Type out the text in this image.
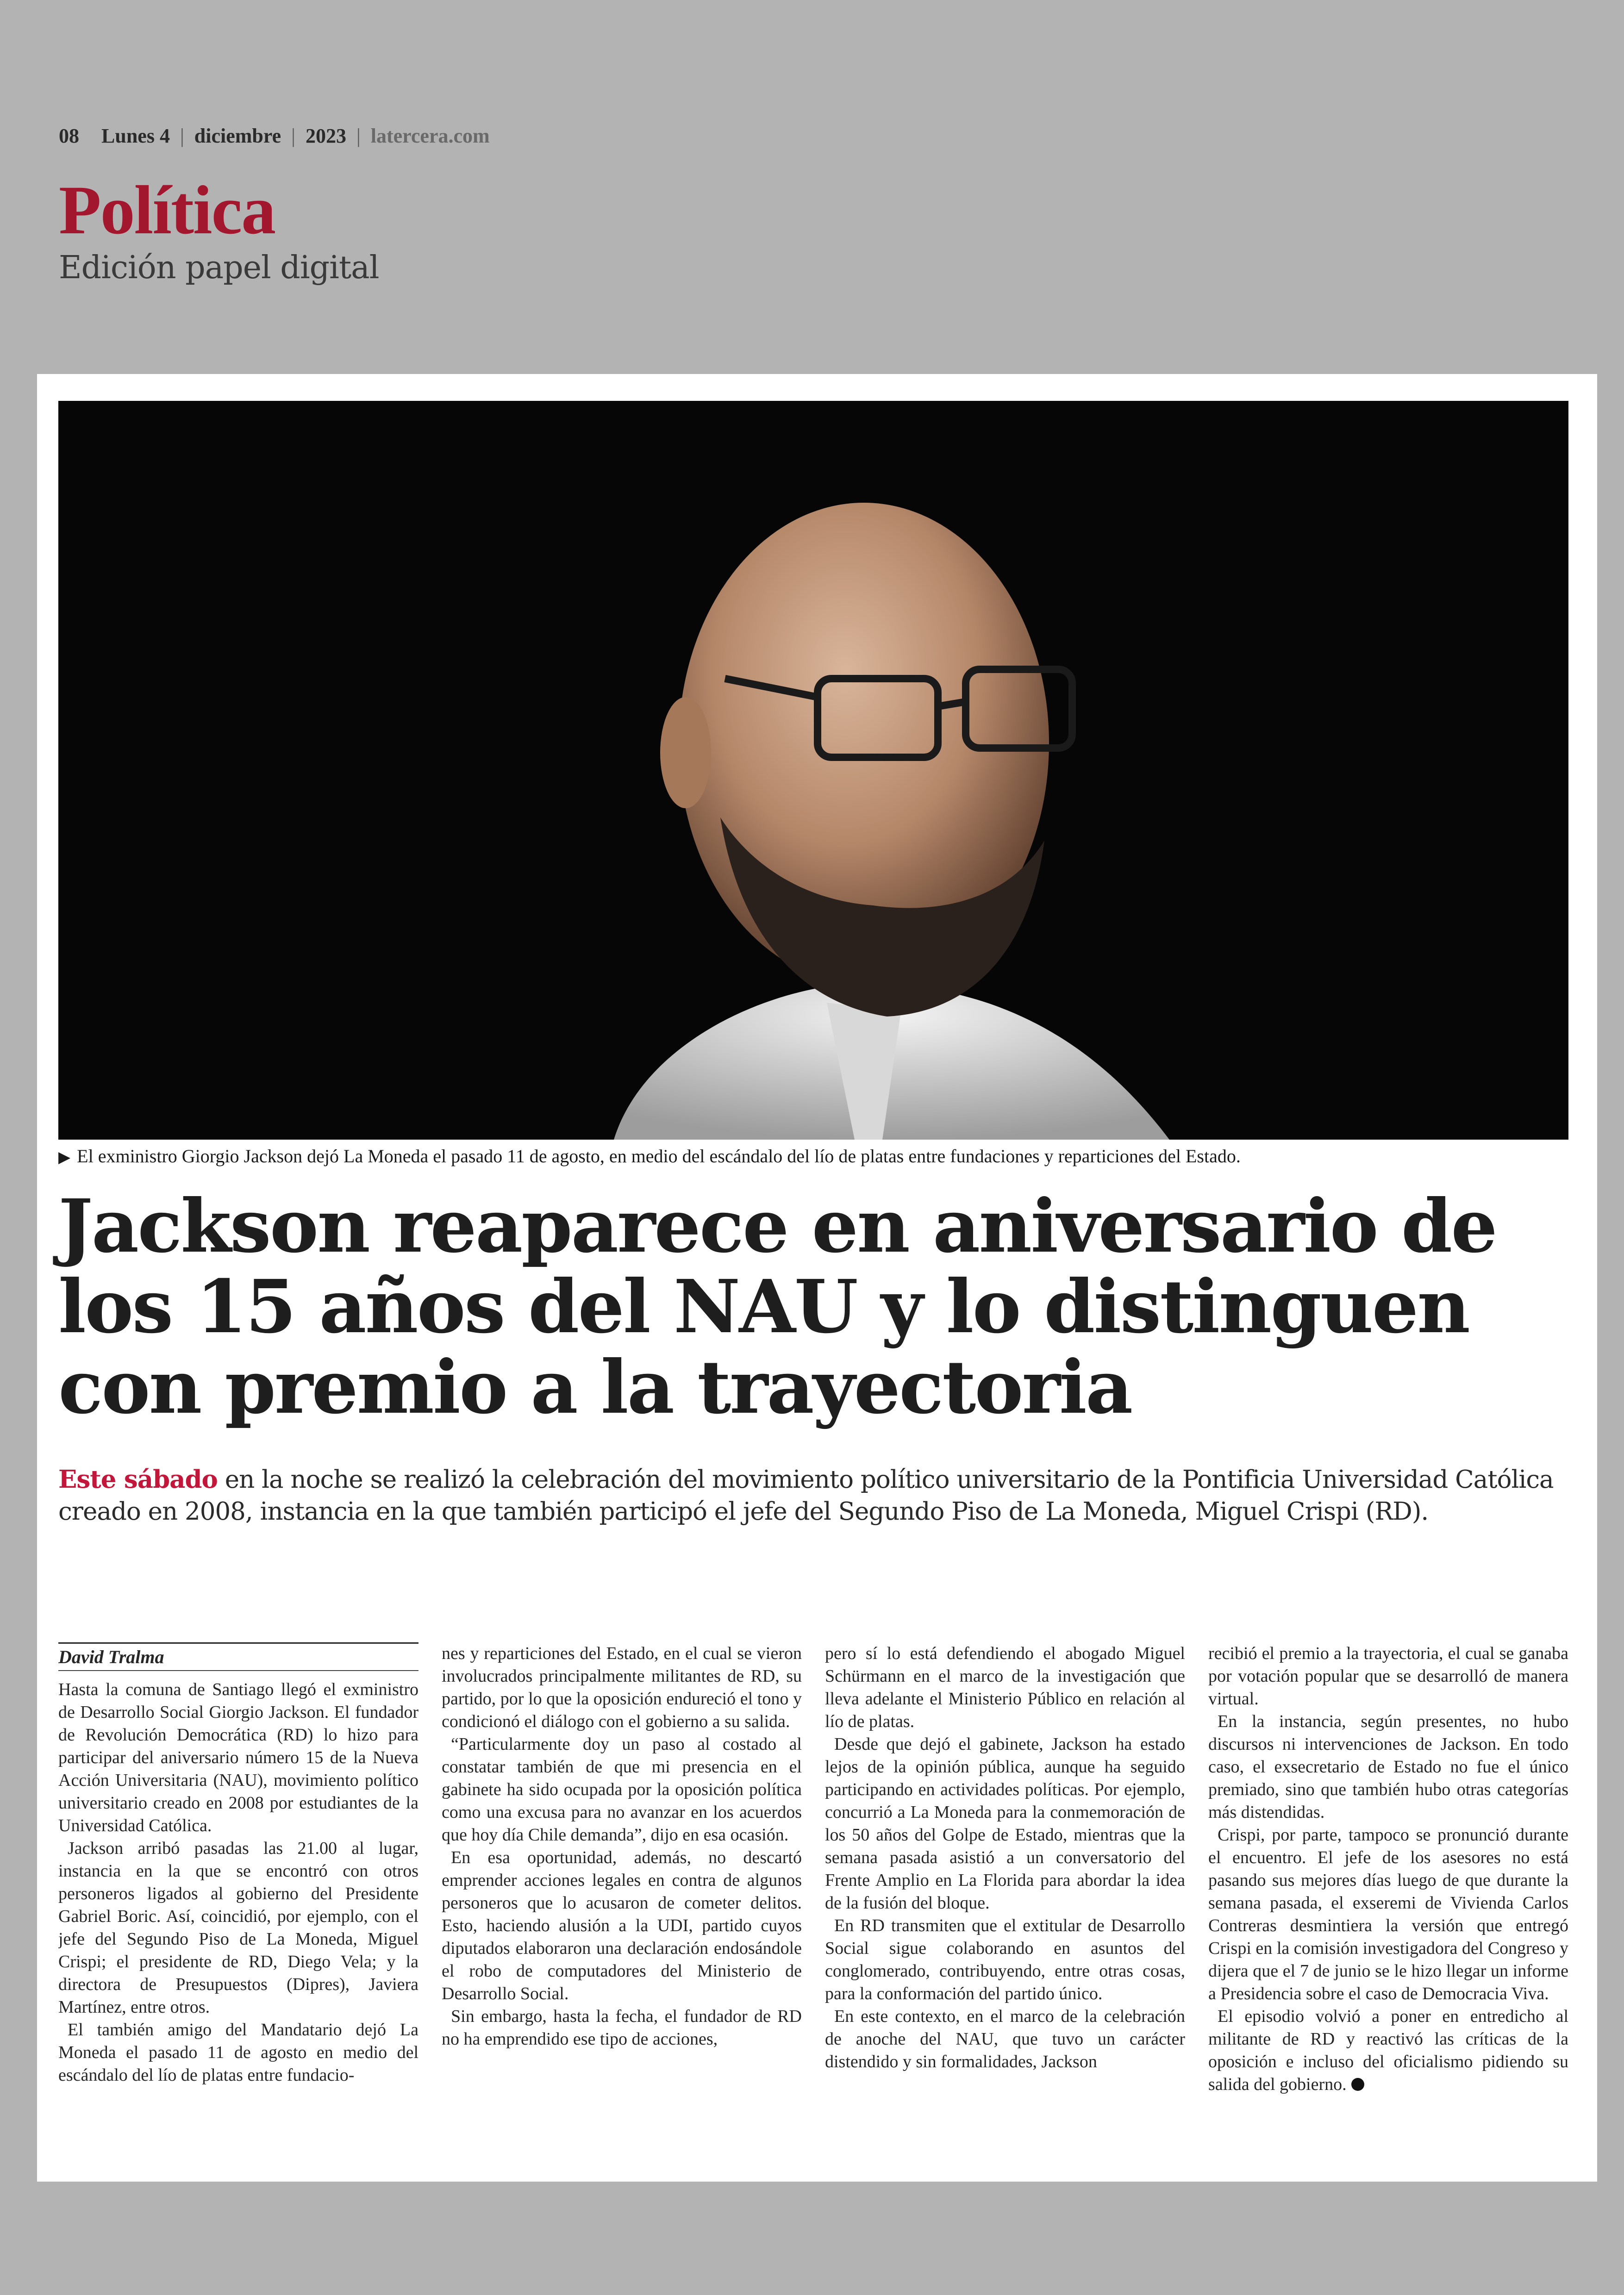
08 Lunes 4 | diciembre | 2023 | latercera.com
Política
Edición papel digital
▶ El exministro Giorgio Jackson dejó La Moneda el pasado 11 de agosto, en medio del escándalo del lío de platas entre fundaciones y reparticiones del Estado.
Jackson reaparece en aniversario de los 15 años del NAU y lo distinguen con premio a la trayectoria
Este sábado en la noche se realizó la celebración del movimiento político universitario de la Pontificia Universidad Católica creado en 2008, instancia en la que también participó el jefe del Segundo Piso de La Moneda, Miguel Crispi (RD).
David Tralma

Hasta la comuna de Santiago llegó el exministro de Desarrollo Social Giorgio Jackson. El fundador de Revolución Democrática (RD) lo hizo para participar del aniversario número 15 de la Nueva Acción Universitaria (NAU), movimiento político universitario creado en 2008 por estudiantes de la Universidad Católica.

Jackson arribó pasadas las 21.00 al lugar, instancia en la que se encontró con otros personeros ligados al gobierno del Presidente Gabriel Boric. Así, coincidió, por ejemplo, con el jefe del Segundo Piso de La Moneda, Miguel Crispi; el presidente de RD, Diego Vela; y la directora de Presupuestos (Dipres), Javiera Martínez, entre otros.

El también amigo del Mandatario dejó La Moneda el pasado 11 de agosto en medio del escándalo del lío de platas entre fundacio-

nes y reparticiones del Estado, en el cual se vieron involucrados principalmente militantes de RD, su partido, por lo que la oposición endureció el tono y condicionó el diálogo con el gobierno a su salida.

“Particularmente doy un paso al costado al constatar también de que mi presencia en el gabinete ha sido ocupada por la oposición política como una excusa para no avanzar en los acuerdos que hoy día Chile demanda”, dijo en esa ocasión.

En esa oportunidad, además, no descartó emprender acciones legales en contra de algunos personeros que lo acusaron de cometer delitos. Esto, haciendo alusión a la UDI, partido cuyos diputados elaboraron una declaración endosándole el robo de computadores del Ministerio de Desarrollo Social.

Sin embargo, hasta la fecha, el fundador de RD no ha emprendido ese tipo de acciones,

pero sí lo está defendiendo el abogado Miguel Schürmann en el marco de la investigación que lleva adelante el Ministerio Público en relación al lío de platas.

Desde que dejó el gabinete, Jackson ha estado lejos de la opinión pública, aunque ha seguido participando en actividades políticas. Por ejemplo, concurrió a La Moneda para la conmemoración de los 50 años del Golpe de Estado, mientras que la semana pasada asistió a un conversatorio del Frente Amplio en La Florida para abordar la idea de la fusión del bloque.

En RD transmiten que el extitular de Desarrollo Social sigue colaborando en asuntos del conglomerado, contribuyendo, entre otras cosas, para la conformación del partido único.

En este contexto, en el marco de la celebración de anoche del NAU, que tuvo un carácter distendido y sin formalidades, Jackson

recibió el premio a la trayectoria, el cual se ganaba por votación popular que se desarrolló de manera virtual.

En la instancia, según presentes, no hubo discursos ni intervenciones de Jackson. En todo caso, el exsecretario de Estado no fue el único premiado, sino que también hubo otras categorías más distendidas.

Crispi, por parte, tampoco se pronunció durante el encuentro. El jefe de los asesores no está pasando sus mejores días luego de que durante la semana pasada, el exseremi de Vivienda Carlos Contreras desmintiera la versión que entregó Crispi en la comisión investigadora del Congreso y dijera que el 7 de junio se le hizo llegar un informe a Presidencia sobre el caso de Democracia Viva.

El episodio volvió a poner en entredicho al militante de RD y reactivó las críticas de la oposición e incluso del oficialismo pidiendo su salida del gobierno.
